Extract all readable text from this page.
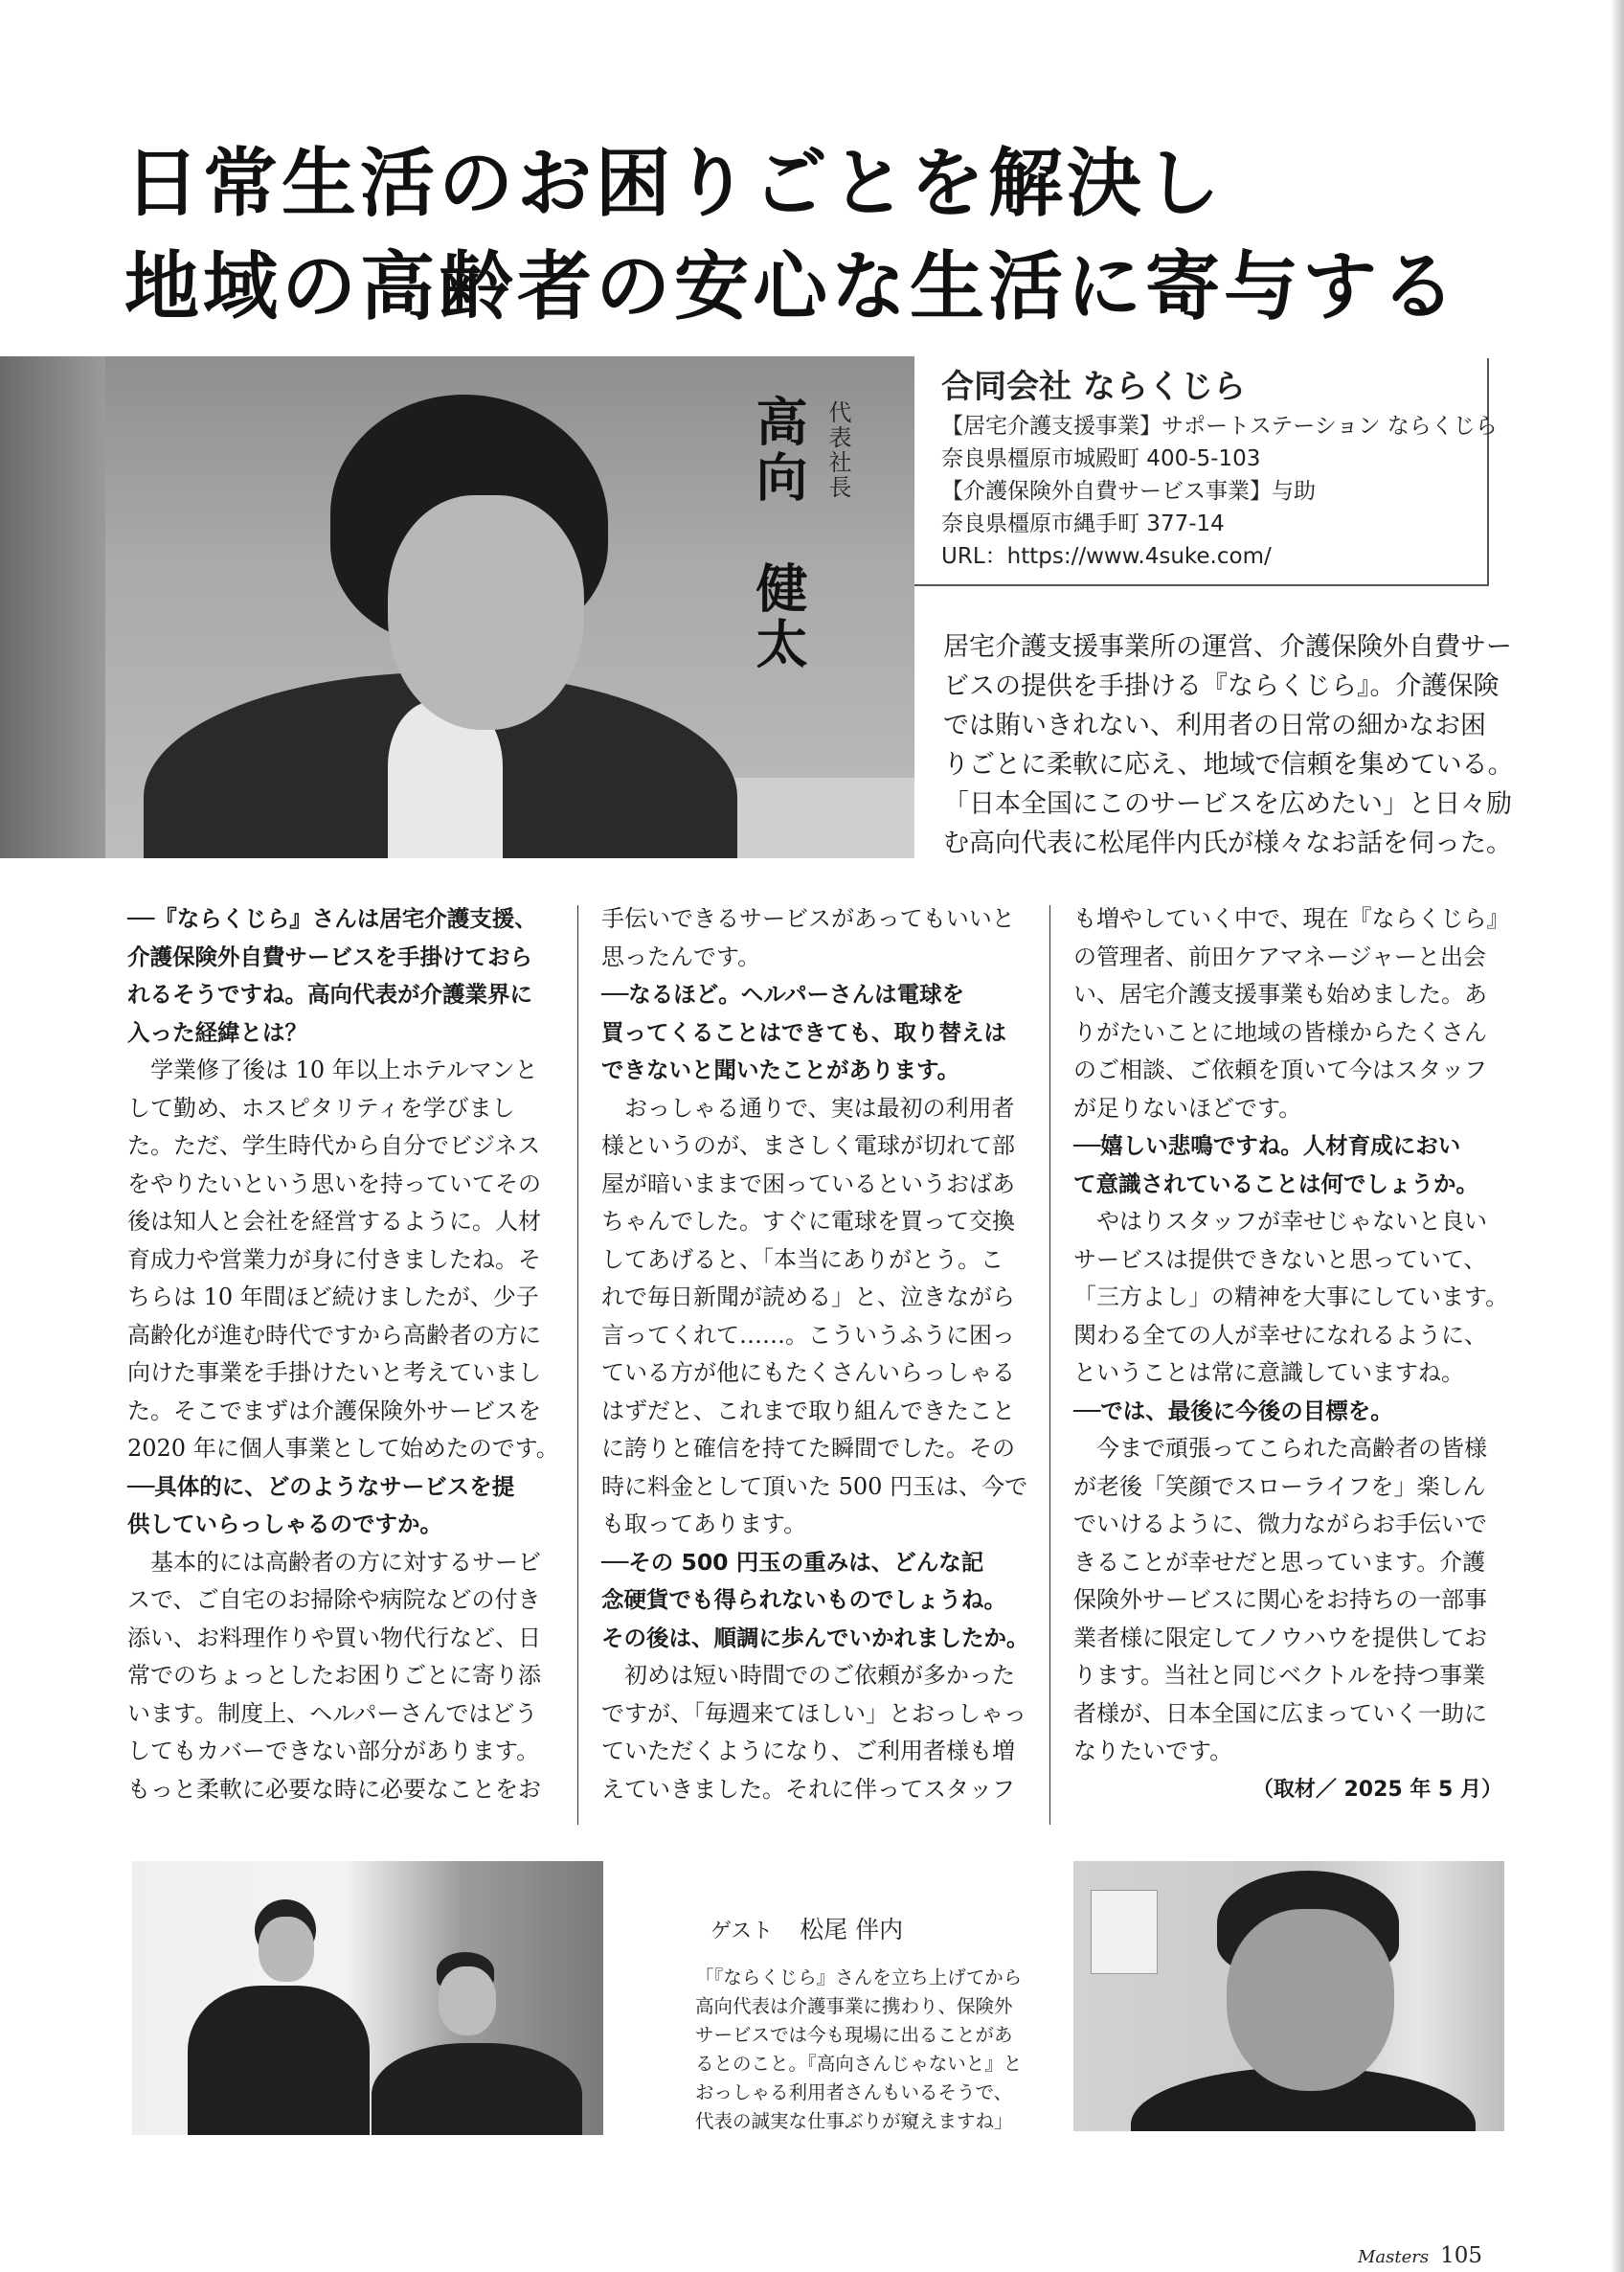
日常生活のお困りごとを解決し
地域の高齢者の安心な生活に寄与する
高向　健太 代表社長
合同会社 ならくじら
【居宅介護支援事業】サポートステーション ならくじら
奈良県橿原市城殿町 400-5-103
【介護保険外自費サービス事業】与助
奈良県橿原市縄手町 377-14
URL：https://www.4suke.com/
居宅介護支援事業所の運営、介護保険外自費サー
ビスの提供を手掛ける『ならくじら』。介護保険
では賄いきれない、利用者の日常の細かなお困
りごとに柔軟に応え、地域で信頼を集めている。
「日本全国にこのサービスを広めたい」と日々励
む高向代表に松尾伴内氏が様々なお話を伺った。
──『ならくじら』さんは居宅介護支援、
介護保険外自費サービスを手掛けておら
れるそうですね。高向代表が介護業界に
入った経緯とは？
　学業修了後は 10 年以上ホテルマンと
して勤め、ホスピタリティを学びまし
た。ただ、学生時代から自分でビジネス
をやりたいという思いを持っていてその
後は知人と会社を経営するように。人材
育成力や営業力が身に付きましたね。そ
ちらは 10 年間ほど続けましたが、少子
高齢化が進む時代ですから高齢者の方に
向けた事業を手掛けたいと考えていまし
た。そこでまずは介護保険外サービスを
2020 年に個人事業として始めたのです。
──具体的に、どのようなサービスを提
供していらっしゃるのですか。
　基本的には高齢者の方に対するサービ
スで、ご自宅のお掃除や病院などの付き
添い、お料理作りや買い物代行など、日
常でのちょっとしたお困りごとに寄り添
います。制度上、ヘルパーさんではどう
してもカバーできない部分があります。
もっと柔軟に必要な時に必要なことをお
手伝いできるサービスがあってもいいと
思ったんです。
──なるほど。ヘルパーさんは電球を
買ってくることはできても、取り替えは
できないと聞いたことがあります。
　おっしゃる通りで、実は最初の利用者
様というのが、まさしく電球が切れて部
屋が暗いままで困っているというおばあ
ちゃんでした。すぐに電球を買って交換
してあげると、「本当にありがとう。こ
れで毎日新聞が読める」と、泣きながら
言ってくれて……。こういうふうに困っ
ている方が他にもたくさんいらっしゃる
はずだと、これまで取り組んできたこと
に誇りと確信を持てた瞬間でした。その
時に料金として頂いた 500 円玉は、今で
も取ってあります。
──その 500 円玉の重みは、どんな記
念硬貨でも得られないものでしょうね。
その後は、順調に歩んでいかれましたか。
　初めは短い時間でのご依頼が多かった
ですが、「毎週来てほしい」とおっしゃっ
ていただくようになり、ご利用者様も増
えていきました。それに伴ってスタッフ
も増やしていく中で、現在『ならくじら』
の管理者、前田ケアマネージャーと出会
い、居宅介護支援事業も始めました。あ
りがたいことに地域の皆様からたくさん
のご相談、ご依頼を頂いて今はスタッフ
が足りないほどです。
──嬉しい悲鳴ですね。人材育成におい
て意識されていることは何でしょうか。
　やはりスタッフが幸せじゃないと良い
サービスは提供できないと思っていて、
「三方よし」の精神を大事にしています。
関わる全ての人が幸せになれるように、
ということは常に意識していますね。
──では、最後に今後の目標を。
　今まで頑張ってこられた高齢者の皆様
が老後「笑顔でスローライフを」楽しん
でいけるように、微力ながらお手伝いで
きることが幸せだと思っています。介護
保険外サービスに関心をお持ちの一部事
業者様に限定してノウハウを提供してお
ります。当社と同じベクトルを持つ事業
者様が、日本全国に広まっていく一助に
なりたいです。
（取材／ 2025 年 5 月）
ゲスト 松尾 伴内
「『ならくじら』さんを立ち上げてから
高向代表は介護事業に携わり、保険外
サービスでは今も現場に出ることがあ
るとのこと。『高向さんじゃないと』と
おっしゃる利用者さんもいるそうで、
代表の誠実な仕事ぶりが窺えますね」
Masters 105
